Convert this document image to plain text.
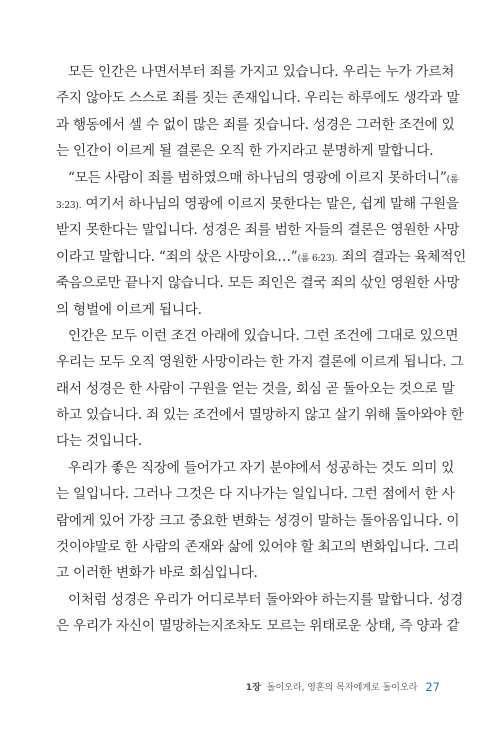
모든 인간은 나면서부터 죄를 가지고 있습니다. 우리는 누가 가르쳐
주지 않아도 스스로 죄를 짓는 존재입니다. 우리는 하루에도 생각과 말
과 행동에서 셀 수 없이 많은 죄를 짓습니다. 성경은 그러한 조건에 있
는 인간이 이르게 될 결론은 오직 한 가지라고 분명하게 말합니다.
“모든 사람이 죄를 범하였으매 하나님의 영광에 이르지 못하더니”(롬
3:23). 여기서 하나님의 영광에 이르지 못한다는 말은, 쉽게 말해 구원을
받지 못한다는 말입니다. 성경은 죄를 범한 자들의 결론은 영원한 사망
이라고 말합니다. “죄의 삯은 사망이요…”(롬 6:23). 죄의 결과는 육체적인
죽음으로만 끝나지 않습니다. 모든 죄인은 결국 죄의 삯인 영원한 사망
의 형벌에 이르게 됩니다.
인간은 모두 이런 조건 아래에 있습니다. 그런 조건에 그대로 있으면
우리는 모두 오직 영원한 사망이라는 한 가지 결론에 이르게 됩니다. 그
래서 성경은 한 사람이 구원을 얻는 것을, 회심 곧 돌아오는 것으로 말
하고 있습니다. 죄 있는 조건에서 멸망하지 않고 살기 위해 돌아와야 한
다는 것입니다.
우리가 좋은 직장에 들어가고 자기 분야에서 성공하는 것도 의미 있
는 일입니다. 그러나 그것은 다 지나가는 일입니다. 그런 점에서 한 사
람에게 있어 가장 크고 중요한 변화는 성경이 말하는 돌아옴입니다. 이
것이야말로 한 사람의 존재와 삶에 있어야 할 최고의 변화입니다. 그리
고 이러한 변화가 바로 회심입니다.
이처럼 성경은 우리가 어디로부터 돌아와야 하는지를 말합니다. 성경
은 우리가 자신이 멸망하는지조차도 모르는 위태로운 상태, 즉 양과 같
1장 돌이오라, 영혼의 목자에게로 돌이오라 27
